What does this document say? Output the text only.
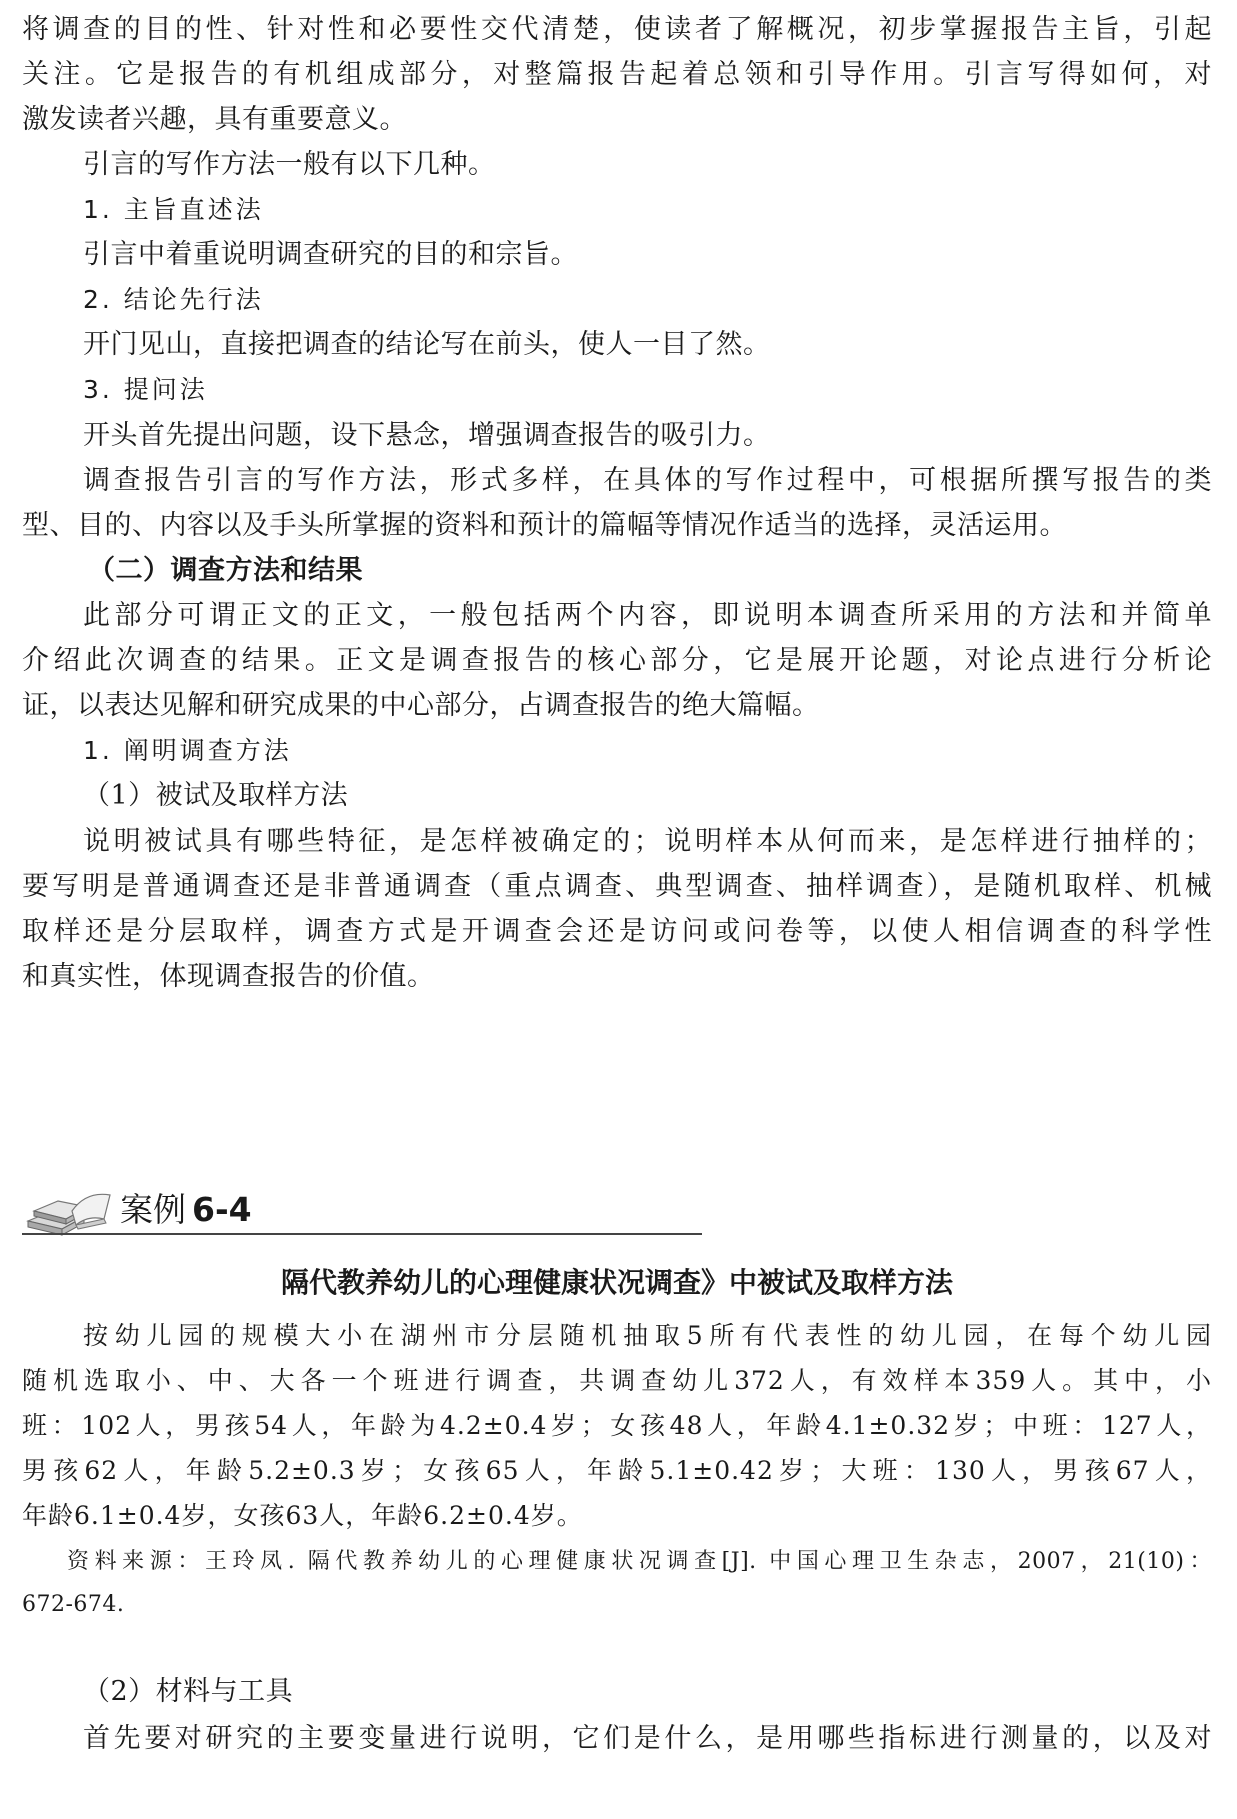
将调查的目的性、针对性和必要性交代清楚，使读者了解概况，初步掌握报告主旨，引起
关注。它是报告的有机组成部分，对整篇报告起着总领和引导作用。引言写得如何，对
激发读者兴趣，具有重要意义。
引言的写作方法一般有以下几种。
1. 主旨直述法
引言中着重说明调查研究的目的和宗旨。
2. 结论先行法
开门见山，直接把调查的结论写在前头，使人一目了然。
3. 提问法
开头首先提出问题，设下悬念，增强调查报告的吸引力。
调查报告引言的写作方法，形式多样，在具体的写作过程中，可根据所撰写报告的类
型、目的、内容以及手头所掌握的资料和预计的篇幅等情况作适当的选择，灵活运用。
（二）调查方法和结果
此部分可谓正文的正文，一般包括两个内容，即说明本调查所采用的方法和并简单
介绍此次调查的结果。正文是调查报告的核心部分，它是展开论题，对论点进行分析论
证，以表达见解和研究成果的中心部分，占调查报告的绝大篇幅。
1. 阐明调查方法
（1）被试及取样方法
说明被试具有哪些特征，是怎样被确定的；说明样本从何而来，是怎样进行抽样的；
要写明是普通调查还是非普通调查（重点调查、典型调查、抽样调查），是随机取样、机械
取样还是分层取样，调查方式是开调查会还是访问或问卷等，以使人相信调查的科学性
和真实性，体现调查报告的价值。
案例 6-4
隔代教养幼儿的心理健康状况调查》中被试及取样方法
按幼儿园的规模大小在湖州市分层随机抽取5所有代表性的幼儿园，在每个幼儿园
随机选取小、中、大各一个班进行调查，共调查幼儿372人，有效样本359人。其中，小
班：102人，男孩54人，年龄为4.2±0.4岁；女孩48人，年龄4.1±0.32岁；中班：127人，
男孩62人，年龄5.2±0.3岁；女孩65人，年龄5.1±0.42岁；大班：130人，男孩67人，
年龄6.1±0.4岁，女孩63人，年龄6.2±0.4岁。
资料来源：王玲凤. 隔代教养幼儿的心理健康状况调查[J]. 中国心理卫生杂志，2007，21(10)：
672-674.
（2）材料与工具
首先要对研究的主要变量进行说明，它们是什么，是用哪些指标进行测量的，以及对
